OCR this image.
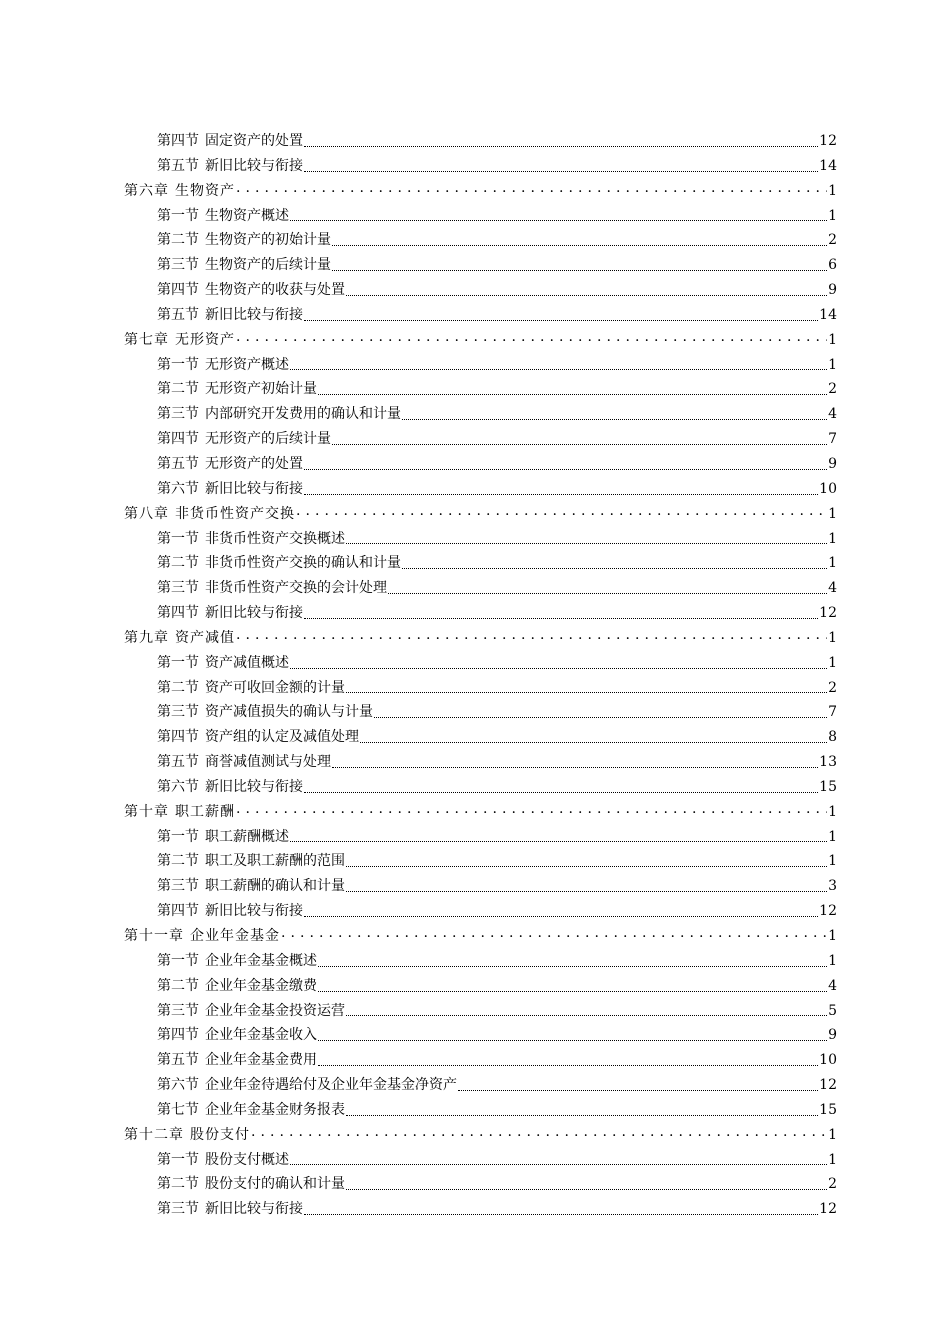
第四节 固定资产的处置	12
第五节 新旧比较与衔接	14
第六章 生物资产 . . .	1
第一节 生物资产概述	1
第二节 生物资产的初始计量	2
第三节 生物资产的后续计量	6
第四节 生物资产的收获与处置	9
第五节 新旧比较与衔接	14
第七章 无形资产 . . .	1
第一节 无形资产概述	1
第二节 无形资产初始计量	2
第三节 内部研究开发费用的确认和计量	4
第四节 无形资产的后续计量	7
第五节 无形资产的处置	9
第六节 新旧比较与衔接	10
第八章 非货币性资产交换 . . .	1
第一节 非货币性资产交换概述	1
第二节 非货币性资产交换的确认和计量	1
第三节 非货币性资产交换的会计处理	4
第四节 新旧比较与衔接	12
第九章 资产减值 . . .	1
第一节 资产减值概述	1
第二节 资产可收回金额的计量	2
第三节 资产减值损失的确认与计量	7
第四节 资产组的认定及减值处理	8
第五节 商誉减值测试与处理	13
第六节 新旧比较与衔接	15
第十章 职工薪酬 . . .	1
第一节 职工薪酬概述	1
第二节 职工及职工薪酬的范围	1
第三节 职工薪酬的确认和计量	3
第四节 新旧比较与衔接	12
第十一章 企业年金基金 . . .	1
第一节 企业年金基金概述	1
第二节 企业年金基金缴费	4
第三节 企业年金基金投资运营	5
第四节 企业年金基金收入	9
第五节 企业年金基金费用	10
第六节 企业年金待遇给付及企业年金基金净资产	12
第七节 企业年金基金财务报表	15
第十二章 股份支付 . . .	1
第一节 股份支付概述	1
第二节 股份支付的确认和计量	2
第三节 新旧比较与衔接	12
